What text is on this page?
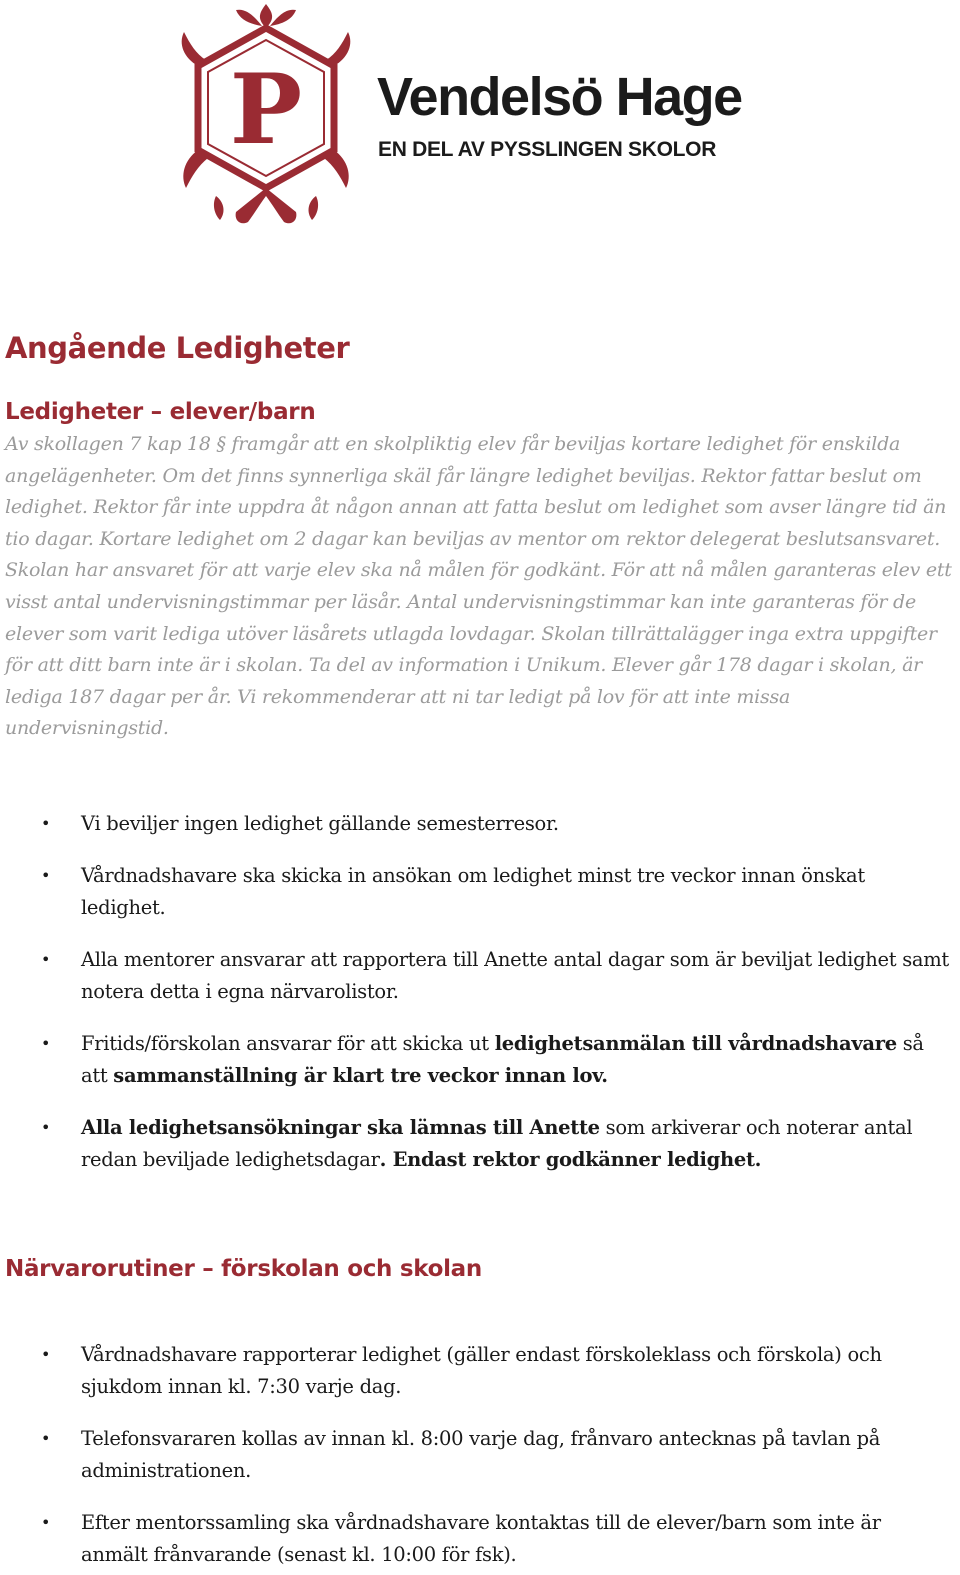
P Vendelsö Hage
EN DEL AV PYSSLINGEN SKOLOR
Angående Ledigheter
Ledigheter – elever/barn

Av skollagen 7 kap 18 § framgår att en skolpliktig elev får beviljas kortare ledighet för enskilda angelägenheter. Om det finns synnerliga skäl får längre ledighet beviljas. Rektor fattar beslut om ledighet. Rektor får inte uppdra åt någon annan att fatta beslut om ledighet som avser längre tid än tio dagar. Kortare ledighet om 2 dagar kan beviljas av mentor om rektor delegerat beslutsansvaret.

Skolan har ansvaret för att varje elev ska nå målen för godkänt. För att nå målen garanteras elev ett visst antal undervisningstimmar per läsår. Antal undervisningstimmar kan inte garanteras för de elever som varit lediga utöver läsårets utlagda lovdagar. Skolan tillrättalägger inga extra uppgifter för att ditt barn inte är i skolan. Ta del av information i Unikum. Elever går 178 dagar i skolan, är lediga 187 dagar per år. Vi rekommenderar att ni tar ledigt på lov för att inte missa undervisningstid.

• Vi beviljer ingen ledighet gällande semesterresor.
• Vårdnadshavare ska skicka in ansökan om ledighet minst tre veckor innan önskat ledighet.
• Alla mentorer ansvarar att rapportera till Anette antal dagar som är beviljat ledighet samt notera detta i egna närvarolistor.
• Fritids/förskolan ansvarar för att skicka ut ledighetsanmälan till vårdnadshavare så att sammanställning är klart tre veckor innan lov.
• Alla ledighetsansökningar ska lämnas till Anette som arkiverar och noterar antal redan beviljade ledighetsdagar. Endast rektor godkänner ledighet.
Närvarorutiner – förskolan och skolan
• Vårdnadshavare rapporterar ledighet (gäller endast förskoleklass och förskola) och sjukdom innan kl. 7:30 varje dag.
• Telefonsvararen kollas av innan kl. 8:00 varje dag, frånvaro antecknas på tavlan på administrationen.
• Efter mentorssamling ska vårdnadshavare kontaktas till de elever/barn som inte är anmält frånvarande (senast kl. 10:00 för fsk).
